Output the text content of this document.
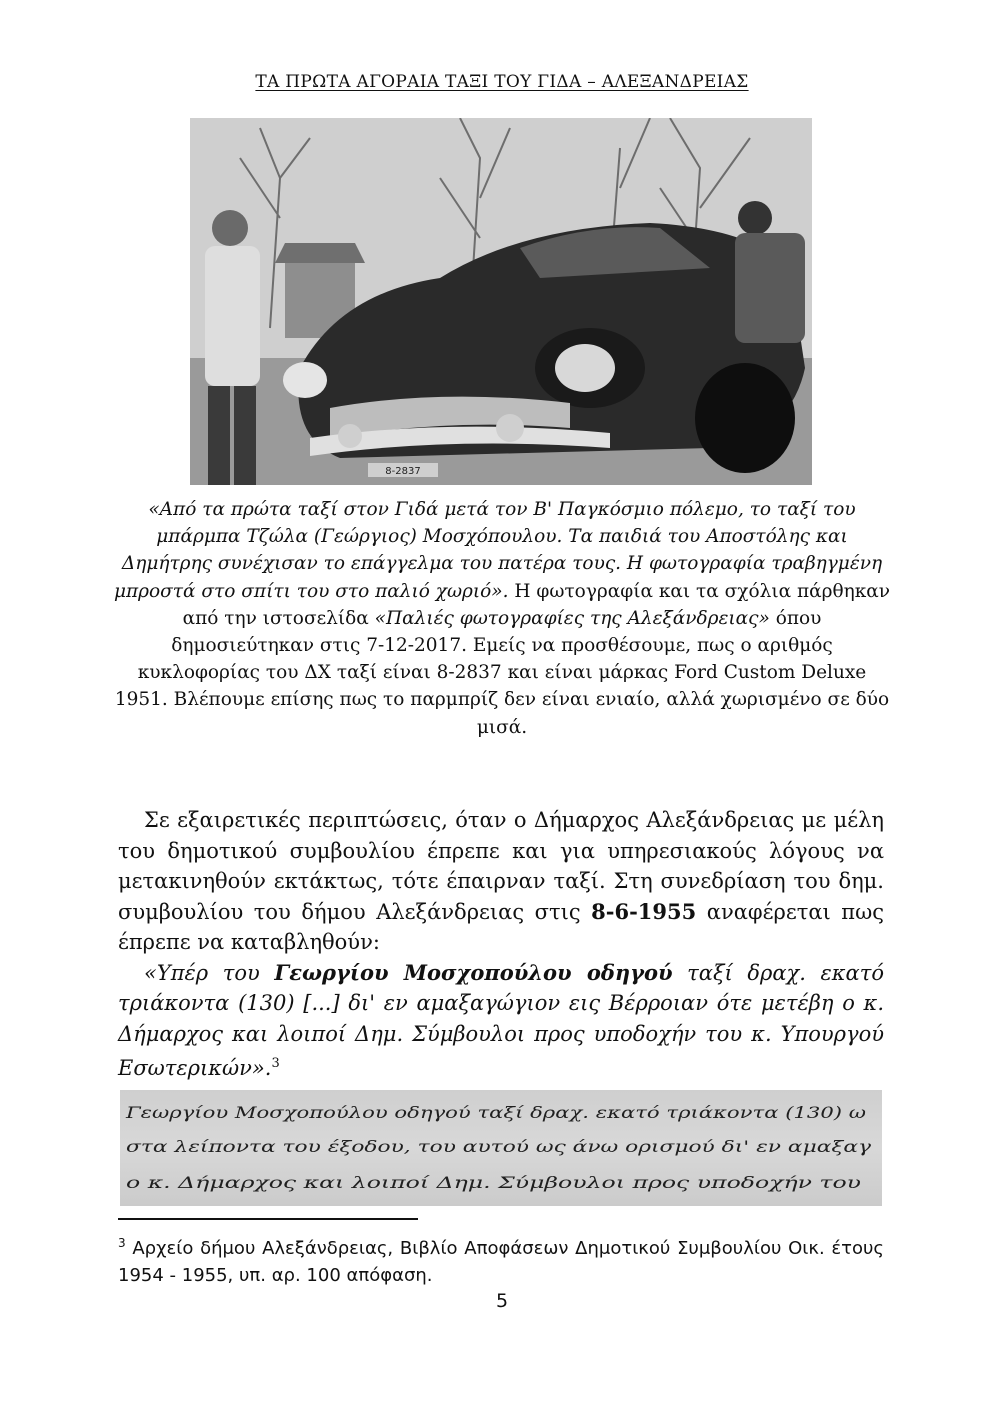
ΤΑ ΠΡΩΤΑ ΑΓΟΡΑΙΑ ΤΑΞΙ ΤΟΥ ΓΙΔΑ – ΑΛΕΞΑΝΔΡΕΙΑΣ
8-2837
«Από τα πρώτα ταξί στον Γιδά μετά τον Β' Παγκόσμιο πόλεμο, το ταξί του μπάρμπα Τζώλα (Γεώργιος) Μοσχόπουλου. Τα παιδιά του Αποστόλης και Δημήτρης συνέχισαν το επάγγελμα του πατέρα τους. Η φωτογραφία τραβηγμένη μπροστά στο σπίτι του στο παλιό χωριό». Η φωτογραφία και τα σχόλια πάρθηκαν από την ιστοσελίδα «Παλιές φωτογραφίες της Αλεξάνδρειας» όπου δημοσιεύτηκαν στις 7-12-2017. Εμείς να προσθέσουμε, πως ο αριθμός κυκλοφορίας του ΔΧ ταξί είναι 8-2837 και είναι μάρκας Ford Custom Deluxe 1951. Βλέπουμε επίσης πως το παρμπρίζ δεν είναι ενιαίο, αλλά χωρισμένο σε δύο μισά.

Σε εξαιρετικές περιπτώσεις, όταν ο Δήμαρχος Αλεξάνδρειας με μέλη του δημοτικού συμβουλίου έπρεπε και για υπηρεσιακούς λόγους να μετακινηθούν εκτάκτως, τότε έπαιρναν ταξί. Στη συνεδρίαση του δημ. συμβουλίου του δήμου Αλεξάνδρειας στις 8-6-1955 αναφέρεται πως έπρεπε να καταβληθούν:

«Υπέρ του Γεωργίου Μοσχοπούλου οδηγού ταξί δραχ. εκατό τριάκοντα (130) [...] δι' εν αμαξαγώγιον εις Βέρροιαν ότε μετέβη ο κ. Δήμαρχος και λοιποί Δημ. Σύμβουλοι προς υποδοχήν του κ. Υπουργού Εσωτερικών».$^3$

Γεωργίου Μοσχοπούλου οδηγού ταξί δραχ. εκατό τριάκοντα (130) ω
στα λείποντα του έξοδου, του αυτού ως άνω ορισμού δι' εν αμαξαγ
ο κ. Δήμαρχος και λοιποί Δημ. Σύμβουλοι προς υποδοχήν του
$^3$ Αρχείο δήμου Αλεξάνδρειας, Βιβλίο Αποφάσεων Δημοτικού Συμβουλίου Οικ. έτους 1954 - 1955, υπ. αρ. 100 απόφαση.
5
